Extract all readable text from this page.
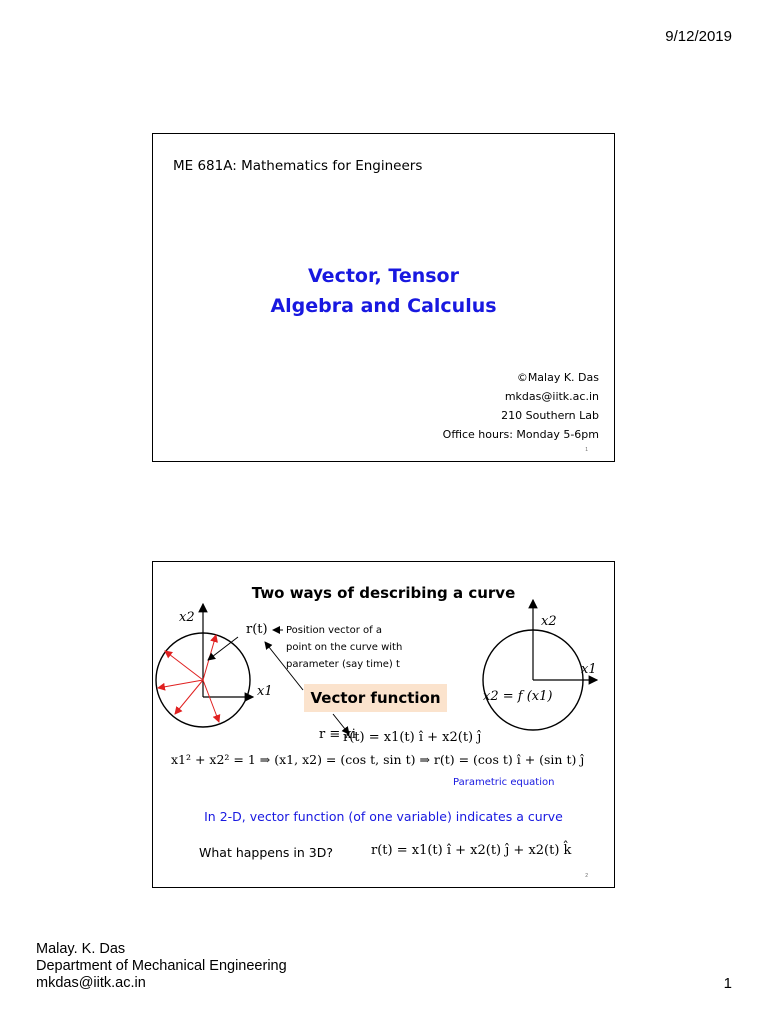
9/12/2019
ME 681A: Mathematics for Engineers
Vector, Tensor
Algebra and Calculus
©Malay K. Das
mkdas@iitk.ac.in
210 Southern Lab
Office hours: Monday 5-6pm
1
Two ways of describing a curve
x2
x1
r(t)
x2
x1
x2 = f (x1)
Position vector of a
point on the curve with
parameter (say time) t
Vector function
r ≡ xi
r(t) = x1(t) î + x2(t) ĵ
x1² + x2² = 1 ⇒ (x1, x2) = (cos t, sin t) ⇒ r(t) = (cos t) î + (sin t) ĵ
Parametric equation
In 2-D, vector function (of one variable) indicates a curve
What happens in 3D?	r(t) = x1(t) î + x2(t) ĵ + x2(t) k̂
2
Malay. K. Das
Department of Mechanical Engineering
mkdas@iitk.ac.in	1
